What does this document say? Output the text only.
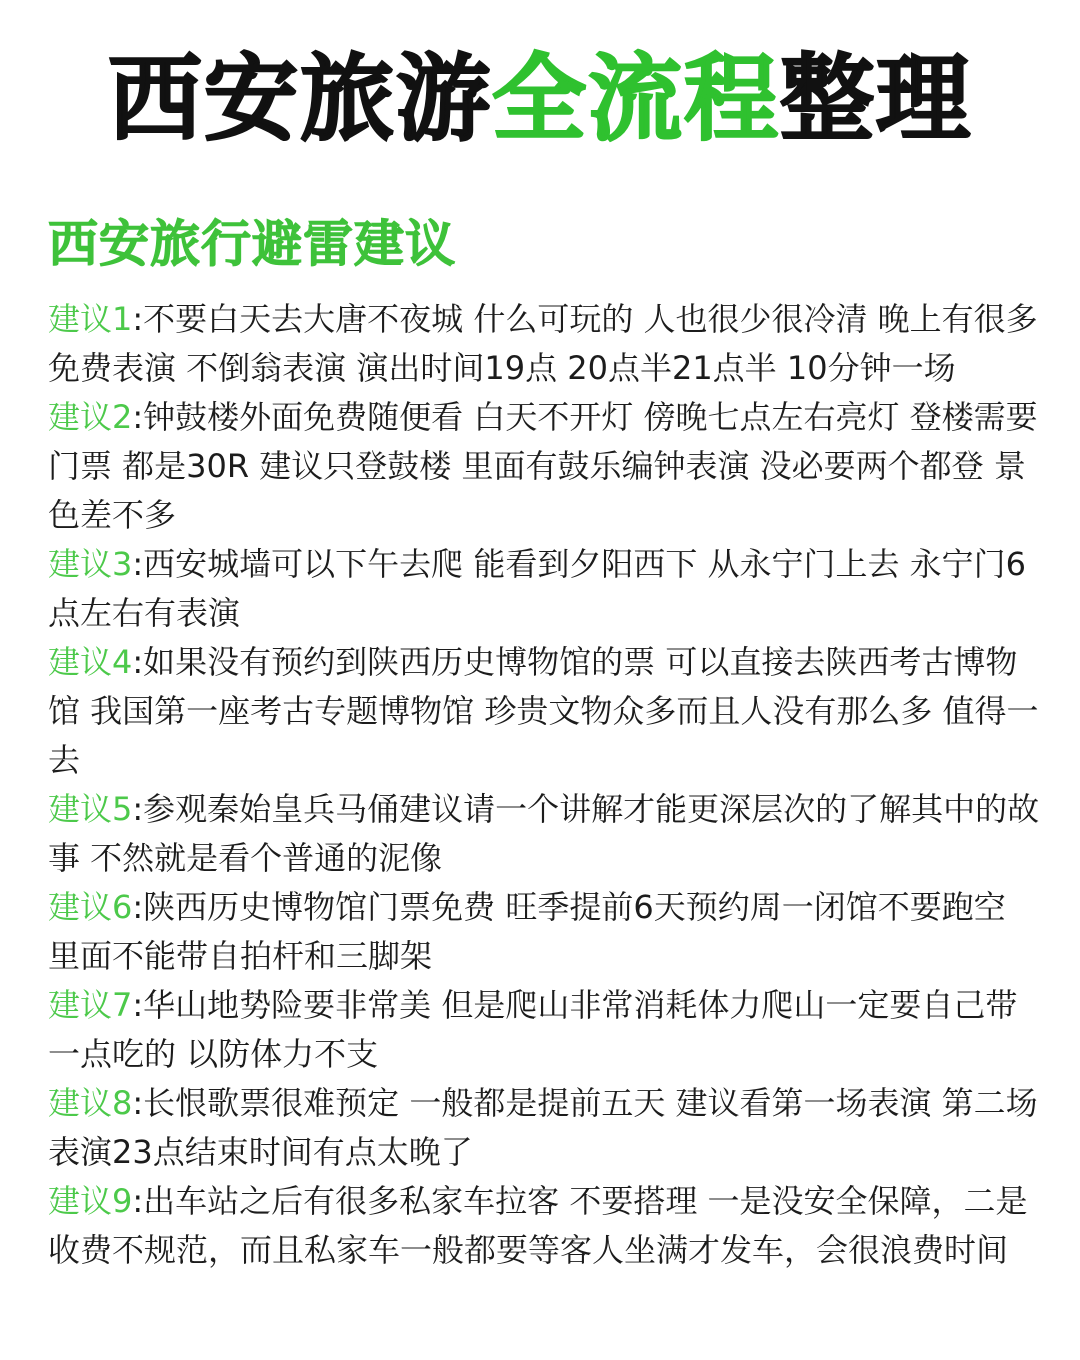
西安旅游全流程整理
西安旅行避雷建议
建议1:不要白天去大唐不夜城 什么可玩的 人也很少很冷清 晚上有很多免费表演 不倒翁表演 演出时间19点 20点半21点半 10分钟一场
建议2:钟鼓楼外面免费随便看 白天不开灯 傍晚七点左右亮灯 登楼需要门票 都是30R 建议只登鼓楼 里面有鼓乐编钟表演 没必要两个都登 景色差不多
建议3:西安城墙可以下午去爬 能看到夕阳西下 从永宁门上去 永宁门6点左右有表演
建议4:如果没有预约到陕西历史博物馆的票 可以直接去陕西考古博物馆 我国第一座考古专题博物馆 珍贵文物众多而且人没有那么多 值得一去
建议5:参观秦始皇兵马俑建议请一个讲解才能更深层次的了解其中的故事 不然就是看个普通的泥像
建议6:陕西历史博物馆门票免费 旺季提前6天预约周一闭馆不要跑空 里面不能带自拍杆和三脚架
建议7:华山地势险要非常美 但是爬山非常消耗体力爬山一定要自己带一点吃的 以防体力不支
建议8:长恨歌票很难预定 一般都是提前五天 建议看第一场表演 第二场表演23点结束时间有点太晚了
建议9:出车站之后有很多私家车拉客 不要搭理 一是没安全保障，二是收费不规范，而且私家车一般都要等客人坐满才发车，会很浪费时间
